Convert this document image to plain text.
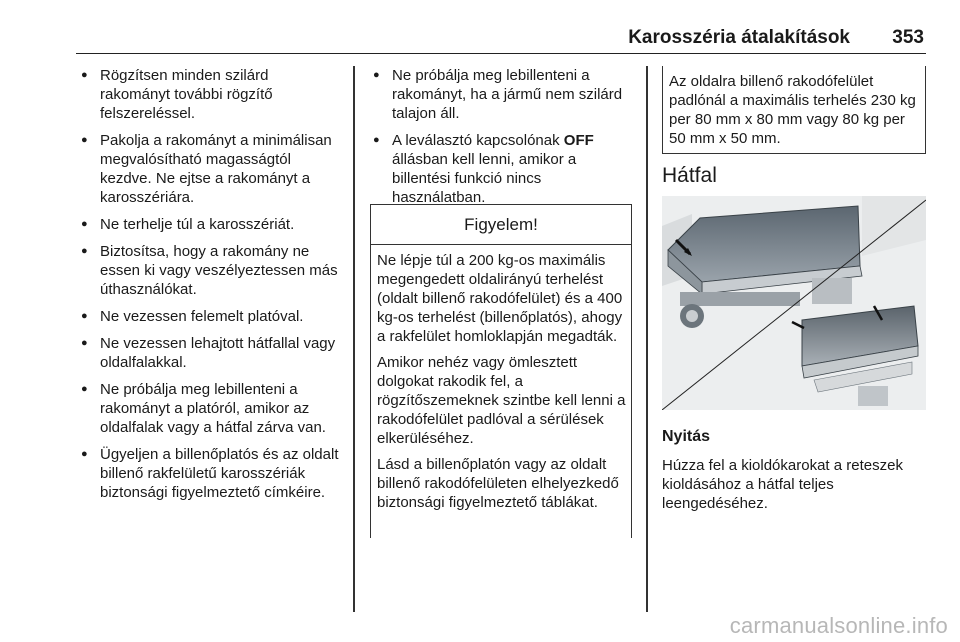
Karosszéria átalakítások 353
● Rögzítsen minden szilárd rakományt további rögzítő felszereléssel.
● Pakolja a rakományt a minimálisan megvalósítható magasságtól kezdve. Ne ejtse a rakományt a karosszériára.
● Ne terhelje túl a karosszériát.
● Biztosítsa, hogy a rakomány ne essen ki vagy veszélyeztessen más úthasználókat.
● Ne vezessen felemelt platóval.
● Ne vezessen lehajtott hátfallal vagy oldalfalakkal.
● Ne próbálja meg lebillenteni a rakományt a platóról, amikor az oldalfalak vagy a hátfal zárva van.
● Ügyeljen a billenőplatós és az oldalt billenő rakfelületű karosszériák biztonsági figyelmeztető címkéire.
● Ne próbálja meg lebillenteni a rakományt, ha a jármű nem szilárd talajon áll.
● A leválasztó kapcsolónak OFF állásban kell lenni, amikor a billentési funkció nincs használatban.
Figyelem!

Ne lépje túl a 200 kg-os maximális megengedett oldalirányú terhelést (oldalt billenő rakodófelület) és a 400 kg-os terhelést (billenőplatós), ahogy a rakfelület homloklapján megadták.

Amikor nehéz vagy ömlesztett dolgokat rakodik fel, a rögzítőszemeknek szintbe kell lenni a rakodófelület padlóval a sérülések elkerüléséhez.

Lásd a billenőplatón vagy az oldalt billenő rakodófelületen elhelyezkedő biztonsági figyelmeztető táblákat.

Az oldalra billenő rakodófelület padlónál a maximális terhelés 230 kg per 80 mm x 80 mm vagy 80 kg per 50 mm x 50 mm.
Hátfal
Nyitás
Húzza fel a kioldókarokat a reteszek kioldásához a hátfal teljes leengedéséhez.
carmanualsonline.info
